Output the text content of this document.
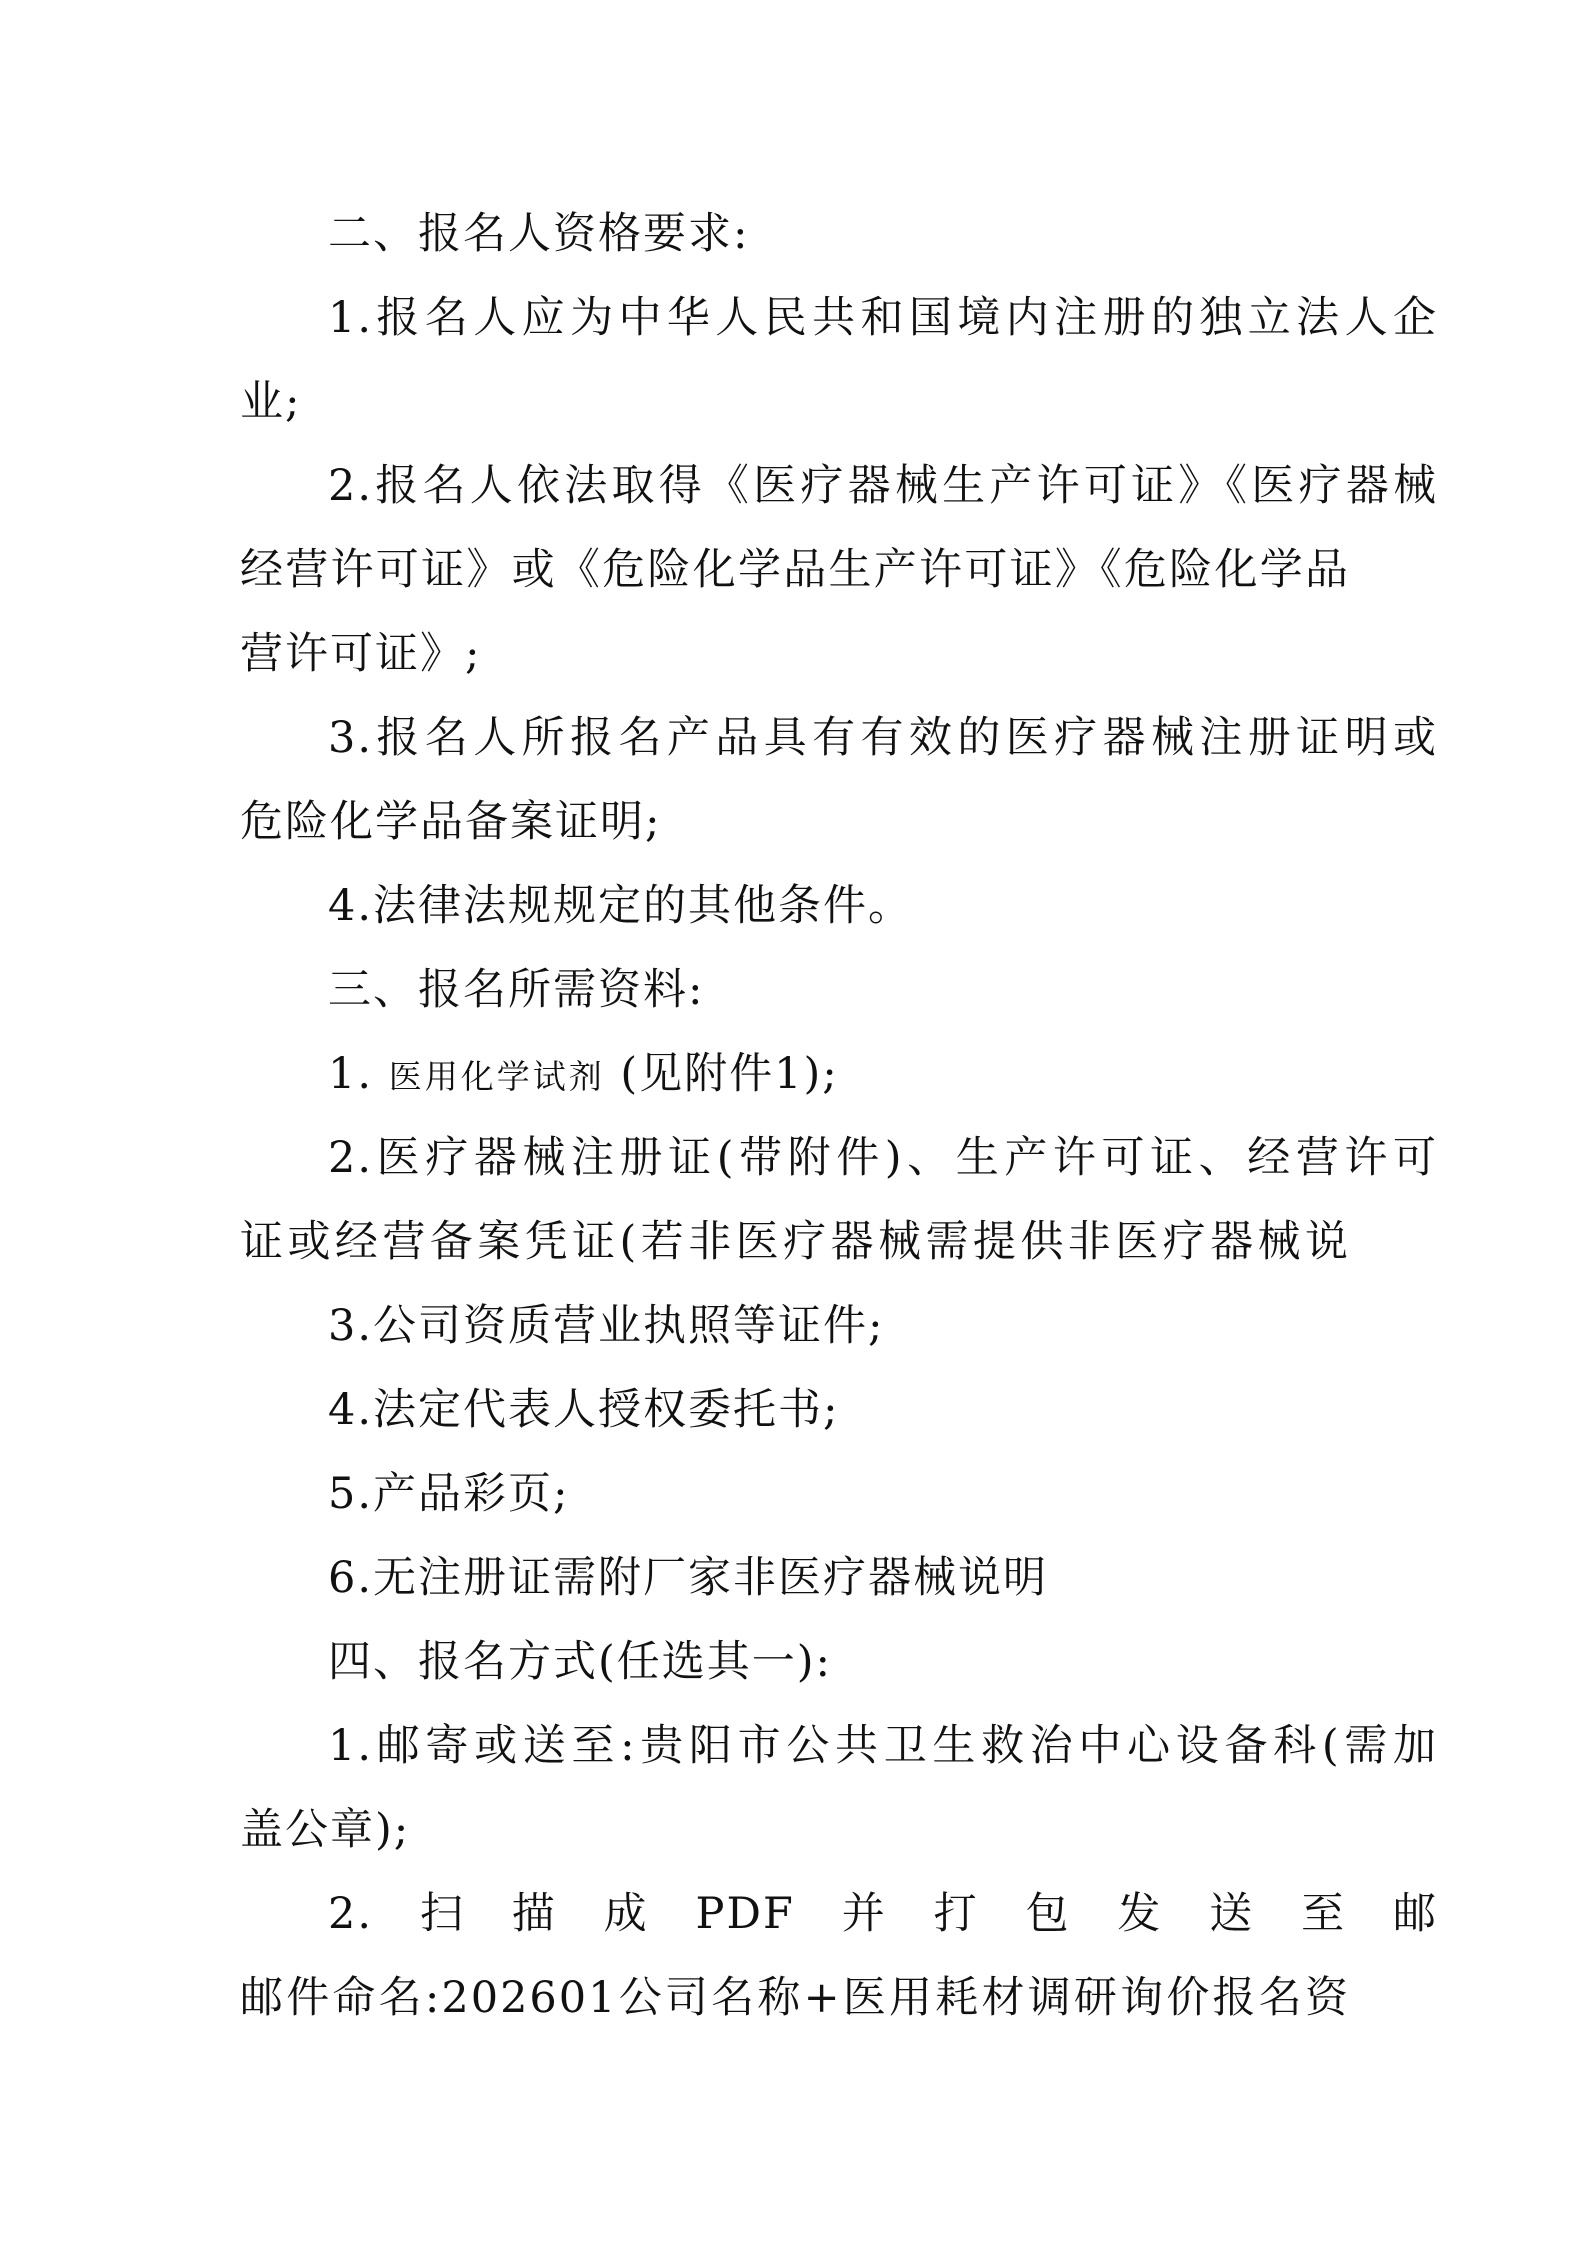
二、报名人资格要求:
1.报名人应为中华人民共和国境内注册的独立法人企
业;
2.报名人依法取得《医疗器械生产许可证》《医疗器械
经营许可证》或《危险化学品生产许可证》《危险化学品
营许可证》;
3.报名人所报名产品具有有效的医疗器械注册证明或
危险化学品备案证明;
4.法律法规规定的其他条件。
三、报名所需资料:
1. 医用化学试剂 (见附件1);
2.医疗器械注册证(带附件)、生产许可证、经营许可
证或经营备案凭证(若非医疗器械需提供非医疗器械说
3.公司资质营业执照等证件;
4.法定代表人授权委托书;
5.产品彩页;
6.无注册证需附厂家非医疗器械说明
四、报名方式(任选其一):
1.邮寄或送至:贵阳市公共卫生救治中心设备科(需加
盖公章);
2.扫描成PDF并打包发送至邮
邮件命名:202601公司名称+医用耗材调研询价报名资
